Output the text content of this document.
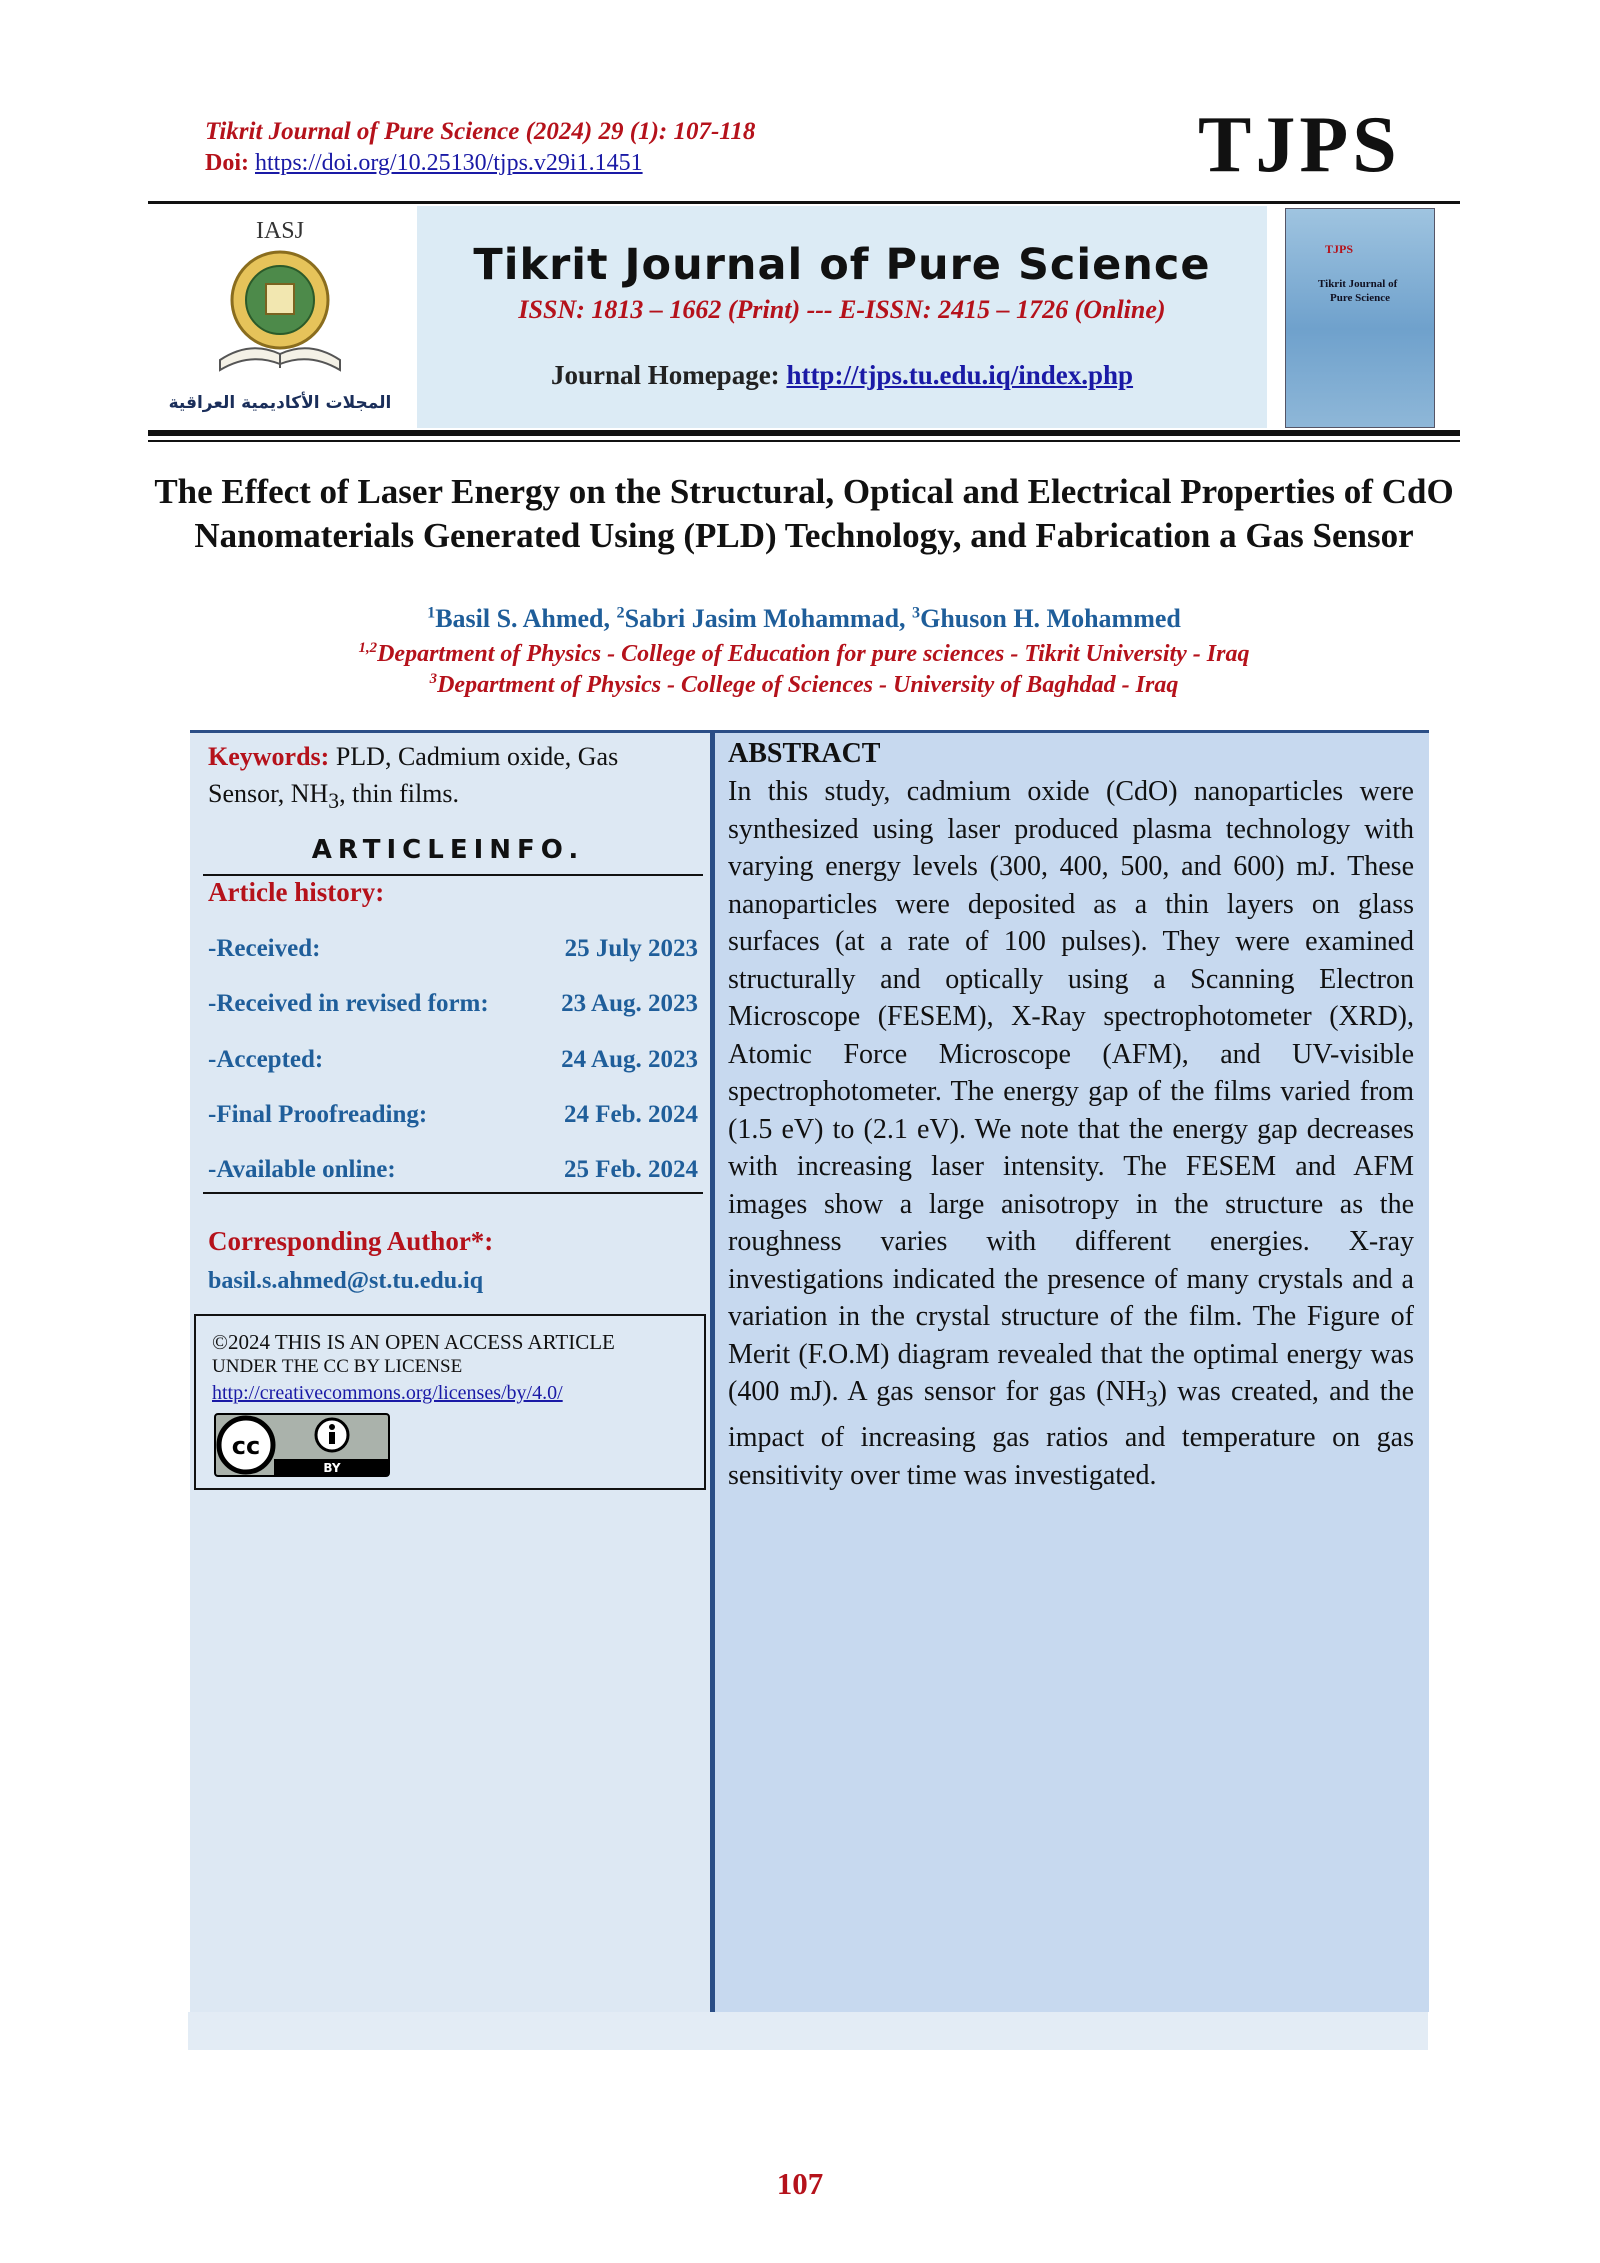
Tikrit Journal of Pure Science (2024) 29 (1): 107-118
Doi: https://doi.org/10.25130/tjps.v29i1.1451	TJPS
IASJ
المجلات الأكاديمية العراقية
Tikrit Journal of Pure Science
ISSN: 1813 – 1662 (Print) --- E-ISSN: 2415 – 1726 (Online)
Journal Homepage: http://tjps.tu.edu.iq/index.php
TJPS
Tikrit Journal of
Pure Science
The Effect of Laser Energy on the Structural, Optical and Electrical Properties of CdO Nanomaterials Generated Using (PLD) Technology, and Fabrication a Gas Sensor
$^1$Basil S. Ahmed, $^2$Sabri Jasim Mohammad, $^3$Ghuson H. Mohammed
$^{1,2}$Department of Physics - College of Education for pure sciences - Tikrit University - Iraq
$^3$Department of Physics - College of Sciences - University of Baghdad - Iraq
Keywords: PLD, Cadmium oxide, Gas Sensor, $NH_3$, thin films.
ARTICLEINFO.
Article history:
-Received:	25 July 2023
-Received in revised form:	23 Aug. 2023
-Accepted:	24 Aug. 2023
-Final Proofreading:	24 Feb. 2024
-Available online:	25 Feb. 2024
Corresponding Author*:
basil.s.ahmed@st.tu.edu.iq
©2024 THIS IS AN OPEN ACCESS ARTICLE
UNDER THE CC BY LICENSE
http://creativecommons.org/licenses/by/4.0/
cc
BY
ABSTRACT
In this study, cadmium oxide (CdO) nanoparticles were synthesized using laser produced plasma technology with varying energy levels (300, 400, 500, and 600) mJ. These nanoparticles were deposited as a thin layers on glass surfaces (at a rate of 100 pulses). They were examined structurally and optically using a Scanning Electron Microscope (FESEM), X-Ray spectrophotometer (XRD), Atomic Force Microscope (AFM), and UV-visible spectrophotometer. The energy gap of the films varied from (1.5 eV) to (2.1 eV). We note that the energy gap decreases with increasing laser intensity. The FESEM and AFM images show a large anisotropy in the structure as the roughness varies with different energies. X-ray investigations indicated the presence of many crystals and a variation in the crystal structure of the film. The Figure of Merit (F.O.M) diagram revealed that the optimal energy was (400 mJ). A gas sensor for gas $(NH_3)$ was created, and the impact of increasing gas ratios and temperature on gas sensitivity over time was investigated.
107
